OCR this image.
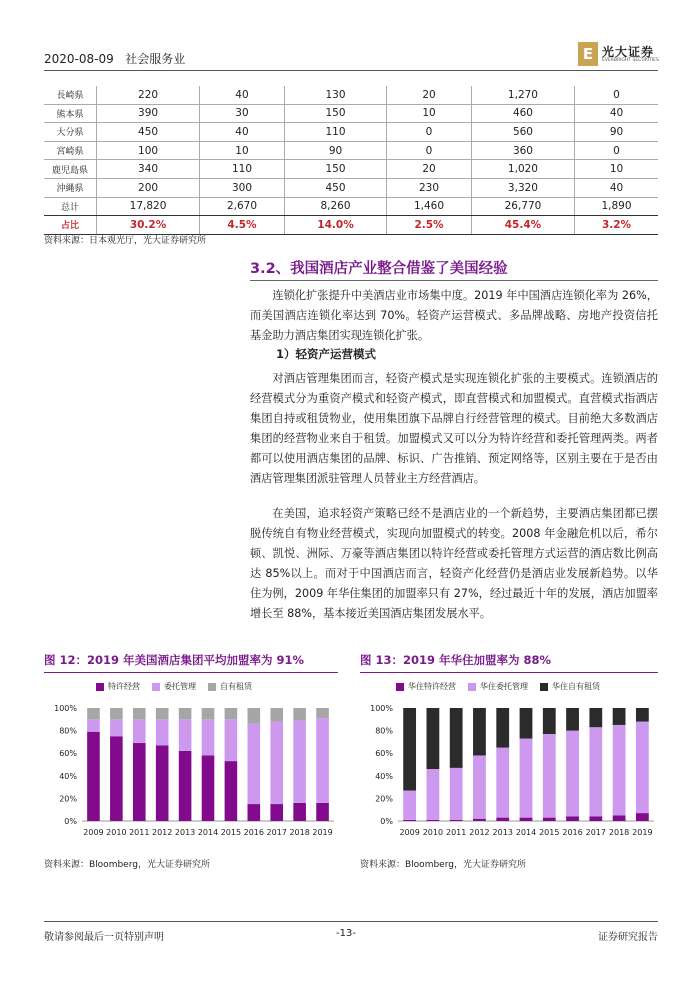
2020-08-09 社会服务业	E 光大证券
EVERBRIGHT SECURITIES
長崎県	220	40	130	20	1,270	0
熊本県	390	30	150	10	460	40
大分県	450	40	110	0	560	90
宮崎県	100	10	90	0	360	0
鹿児島県	340	110	150	20	1,020	10
沖縄県	200	300	450	230	3,320	40
总计	17,820	2,670	8,260	1,460	26,770	1,890
占比	30.2%	4.5%	14.0%	2.5%	45.4%	3.2%
资料来源：日本观光厅，光大证券研究所
3.2、我国酒店产业整合借鉴了美国经验
连锁化扩张提升中美酒店业市场集中度。2019 年中国酒店连锁化率为 26%，而美国酒店连锁化率达到 70%。轻资产运营模式、多品牌战略、房地产投资信托基金助力酒店集团实现连锁化扩张。
1）轻资产运营模式
对酒店管理集团而言，轻资产模式是实现连锁化扩张的主要模式。连锁酒店的经营模式分为重资产模式和轻资产模式，即直营模式和加盟模式。直营模式指酒店集团自持或租赁物业，使用集团旗下品牌自行经营管理的模式。目前绝大多数酒店集团的经营物业来自于租赁。加盟模式又可以分为特许经营和委托管理两类。两者都可以使用酒店集团的品牌、标识、广告推销、预定网络等，区别主要在于是否由酒店管理集团派驻管理人员替业主方经营酒店。
在美国，追求轻资产策略已经不是酒店业的一个新趋势，主要酒店集团都已摆脱传统自有物业经营模式，实现向加盟模式的转变。2008 年金融危机以后，希尔顿、凯悦、洲际、万豪等酒店集团以特许经营或委托管理方式运营的酒店数比例高达 85%以上。而对于中国酒店而言，轻资产化经营仍是酒店业发展新趋势。以华住为例，2009 年华住集团的加盟率只有 27%，经过最近十年的发展，酒店加盟率增长至 88%，基本接近美国酒店集团发展水平。
图 12：2019 年美国酒店集团平均加盟率为 91%
特许经营	委托管理	自有租赁
0%
20%
40%
60%
80%
100%
2009 2010 2011 2012 2013 2014 2015 2016 2017 2018 2019
资料来源：Bloomberg，光大证券研究所
图 13：2019 年华住加盟率为 88%
华住特许经营	华住委托管理	华住自有租赁
0%
20%
40%
60%
80%
100%
2009 2010 2011 2012 2013 2014 2015 2016 2017 2018 2019
资料来源：Bloomberg，光大证券研究所
敬请参阅最后一页特别声明	-13-	证券研究报告
